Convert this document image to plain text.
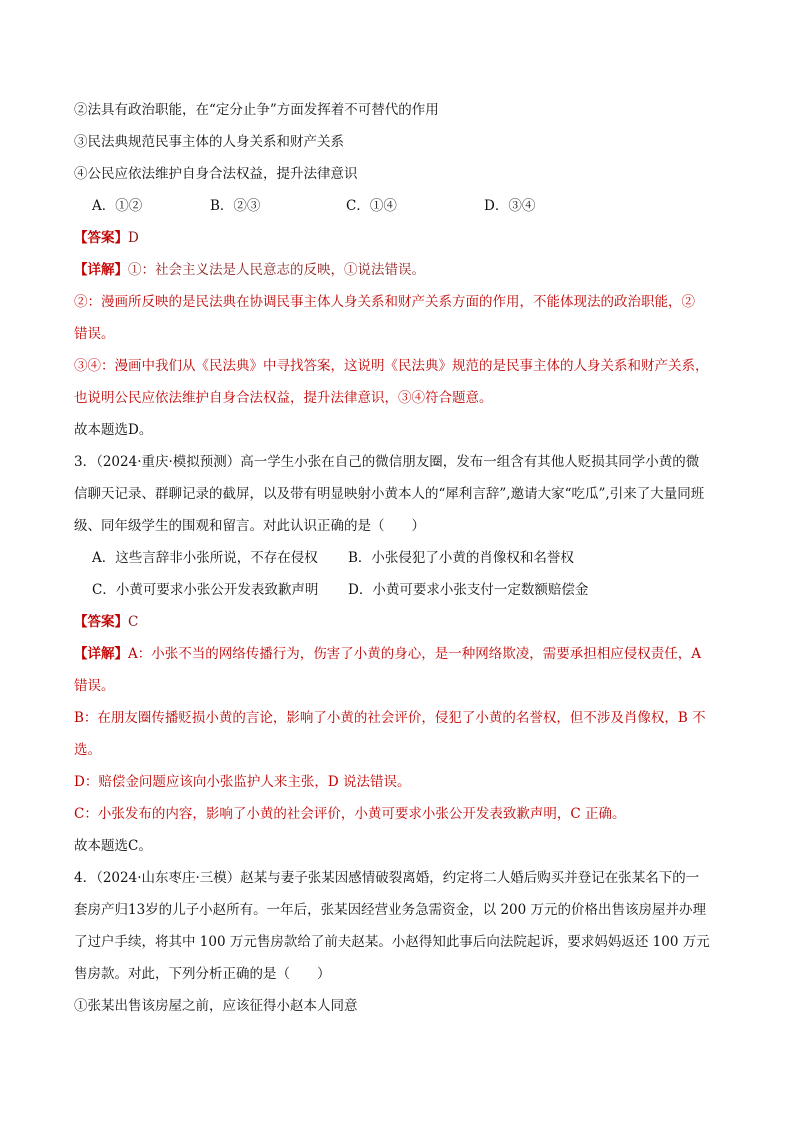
②法具有政治职能，在“定分止争”方面发挥着不可替代的作用
③民法典规范民事主体的人身关系和财产关系
④公民应依法维护自身合法权益，提升法律意识
A．①②	B．②③	C．①④	D．③④
【答案】D
【详解】①：社会主义法是人民意志的反映，①说法错误。
②：漫画所反映的是民法典在协调民事主体人身关系和财产关系方面的作用，不能体现法的政治职能，②
错误。
③④：漫画中我们从《民法典》中寻找答案，这说明《民法典》规范的是民事主体的人身关系和财产关系，
也说明公民应依法维护自身合法权益，提升法律意识，③④符合题意。
故本题选D。
3．（2024·重庆·模拟预测）高一学生小张在自己的微信朋友圈，发布一组含有其他人贬损其同学小黄的微
信聊天记录、群聊记录的截屏，以及带有明显映射小黄本人的“犀利言辞”,邀请大家“吃瓜”,引来了大量同班
级、同年级学生的围观和留言。对此认识正确的是（　　）
A．这些言辞非小张所说，不存在侵权 B．小张侵犯了小黄的肖像权和名誉权
C．小黄可要求小张公开发表致歉声明 D．小黄可要求小张支付一定数额赔偿金
【答案】C
【详解】A：小张不当的网络传播行为，伤害了小黄的身心，是一种网络欺凌，需要承担相应侵权责任，A
错误。
B：在朋友圈传播贬损小黄的言论，影响了小黄的社会评价，侵犯了小黄的名誉权，但不涉及肖像权，B 不
选。
D：赔偿金问题应该向小张监护人来主张，D 说法错误。
C：小张发布的内容，影响了小黄的社会评价，小黄可要求小张公开发表致歉声明，C 正确。
故本题选C。
4．（2024·山东枣庄·三模）赵某与妻子张某因感情破裂离婚，约定将二人婚后购买并登记在张某名下的一
套房产归13岁的儿子小赵所有。一年后，张某因经营业务急需资金，以 200 万元的价格出售该房屋并办理
了过户手续，将其中 100 万元售房款给了前夫赵某。小赵得知此事后向法院起诉，要求妈妈返还 100 万元
售房款。对此，下列分析正确的是（　　）
①张某出售该房屋之前，应该征得小赵本人同意
